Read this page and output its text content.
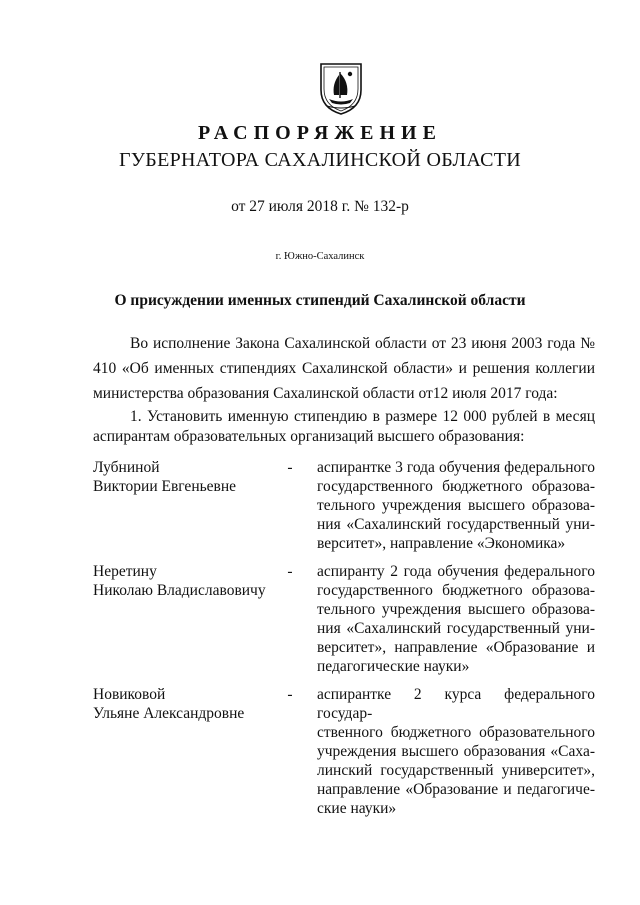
РАСПОРЯЖЕНИЕ
ГУБЕРНАТОРА САХАЛИНСКОЙ ОБЛАСТИ
от 27 июля 2018 г. № 132-р
г. Южно-Сахалинск
О присуждении именных стипендий Сахалинской области

Во исполнение Закона Сахалинской области от 23 июня 2003 года № 410 «Об именных стипендиях Сахалинской области» и решения коллегии министерства образования Сахалинской области от12 июля 2017 года:

1. Установить именную стипендию в размере 12 000 рублей в месяц аспирантам образовательных организаций высшего образования:

Лубниной
Виктории Евгеньевне
- аспирантке 3 года обучения федерального
государственного бюджетного образова-
тельного учреждения высшего образова-
ния «Сахалинский государственный уни-
верситет», направление «Экономика»
Неретину
Николаю Владиславовичу
- аспиранту 2 года обучения федерального
государственного бюджетного образова-
тельного учреждения высшего образова-
ния «Сахалинский государственный уни-
верситет», направление «Образование и
педагогические науки»
Новиковой
Ульяне Александровне
- аспирантке 2 курса федерального государ-
ственного бюджетного образовательного
учреждения высшего образования «Саха-
линский государственный университет»,
направление «Образование и педагогиче-
ские науки»
